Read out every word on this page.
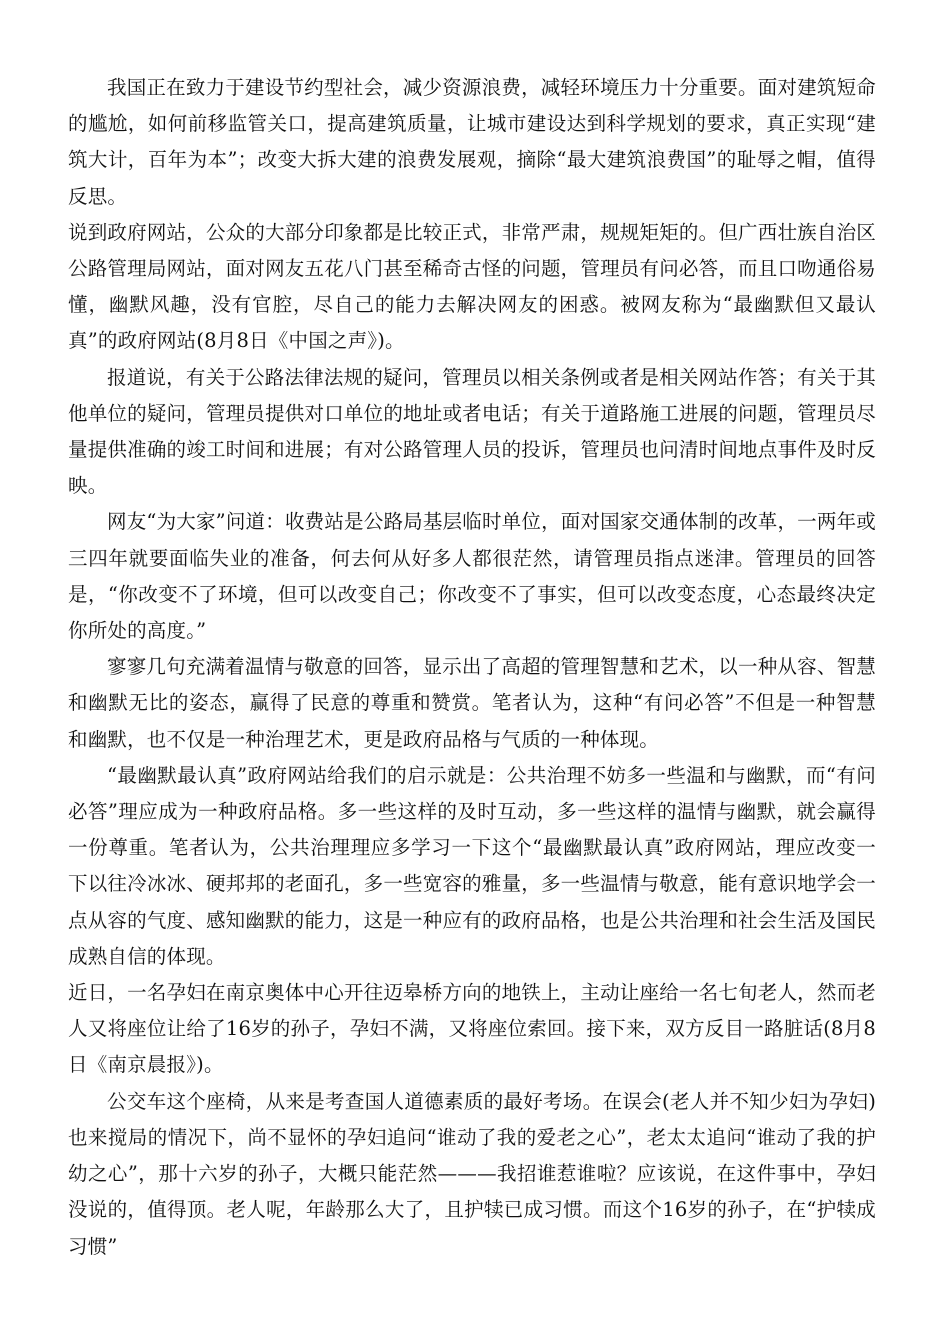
我国正在致力于建设节约型社会，减少资源浪费，减轻环境压力十分重要。面对建筑短命的尴尬，如何前移监管关口，提高建筑质量，让城市建设达到科学规划的要求，真正实现“建筑大计，百年为本”；改变大拆大建的浪费发展观，摘除“最大建筑浪费国”的耻辱之帽，值得反思。

说到政府网站，公众的大部分印象都是比较正式，非常严肃，规规矩矩的。但广西壮族自治区公路管理局网站，面对网友五花八门甚至稀奇古怪的问题，管理员有问必答，而且口吻通俗易懂，幽默风趣，没有官腔，尽自己的能力去解决网友的困惑。被网友称为“最幽默但又最认真”的政府网站(8月8日《中国之声》)。

报道说，有关于公路法律法规的疑问，管理员以相关条例或者是相关网站作答；有关于其他单位的疑问，管理员提供对口单位的地址或者电话；有关于道路施工进展的问题，管理员尽量提供准确的竣工时间和进展；有对公路管理人员的投诉，管理员也问清时间地点事件及时反映。

网友“为大家”问道：收费站是公路局基层临时单位，面对国家交通体制的改革，一两年或三四年就要面临失业的准备，何去何从好多人都很茫然，请管理员指点迷津。管理员的回答是，“你改变不了环境，但可以改变自己；你改变不了事实，但可以改变态度，心态最终决定你所处的高度。”

寥寥几句充满着温情与敬意的回答，显示出了高超的管理智慧和艺术，以一种从容、智慧和幽默无比的姿态，赢得了民意的尊重和赞赏。笔者认为，这种“有问必答”不但是一种智慧和幽默，也不仅是一种治理艺术，更是政府品格与气质的一种体现。

“最幽默最认真”政府网站给我们的启示就是：公共治理不妨多一些温和与幽默，而“有问必答”理应成为一种政府品格。多一些这样的及时互动，多一些这样的温情与幽默，就会赢得一份尊重。笔者认为，公共治理理应多学习一下这个“最幽默最认真”政府网站，理应改变一下以往冷冰冰、硬邦邦的老面孔，多一些宽容的雅量，多一些温情与敬意，能有意识地学会一点从容的气度、感知幽默的能力，这是一种应有的政府品格，也是公共治理和社会生活及国民成熟自信的体现。

近日，一名孕妇在南京奥体中心开往迈皋桥方向的地铁上，主动让座给一名七旬老人，然而老人又将座位让给了16岁的孙子，孕妇不满，又将座位索回。接下来，双方反目一路脏话(8月8日《南京晨报》)。

公交车这个座椅，从来是考查国人道德素质的最好考场。在误会(老人并不知少妇为孕妇)也来搅局的情况下，尚不显怀的孕妇追问“谁动了我的爱老之心”，老太太追问“谁动了我的护幼之心”，那十六岁的孙子，大概只能茫然———我招谁惹谁啦？应该说，在这件事中，孕妇没说的，值得顶。老人呢，年龄那么大了，且护犊已成习惯。而这个16岁的孙子，在“护犊成习惯”
